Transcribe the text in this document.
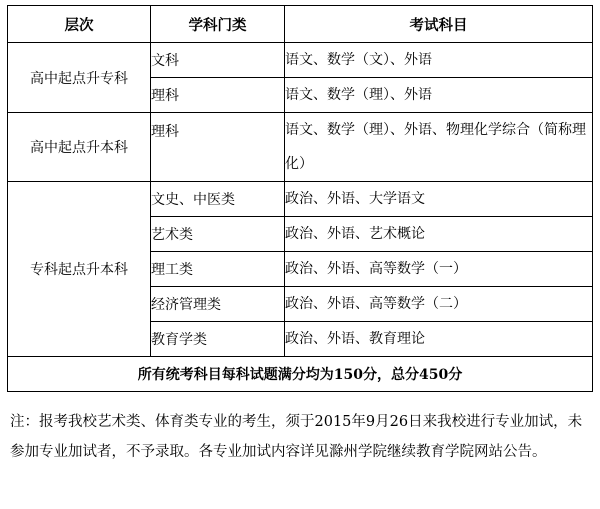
层次	学科门类	考试科目
高中起点升专科	文科	语文、数学（文）、外语
	理科	语文、数学（理）、外语
高中起点升本科	理科	语文、数学（理）、外语、物理化学综合（简称理化）
专科起点升本科	文史、中医类	政治、外语、大学语文
	艺术类	政治、外语、艺术概论
	理工类	政治、外语、高等数学（一）
	经济管理类	政治、外语、高等数学（二）
	教育学类	政治、外语、教育理论
所有统考科目每科试题满分均为150分，总分450分		

注：报考我校艺术类、体育类专业的考生，须于2015年9月26日来我校进行专业加试，未参加专业加试者，不予录取。各专业加试内容详见滁州学院继续教育学院网站公告。
